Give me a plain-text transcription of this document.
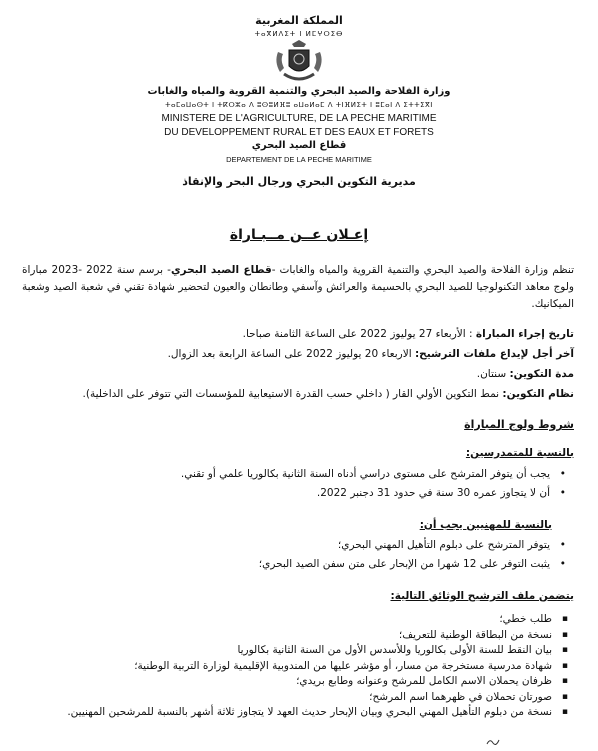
المملكة المغربية
ⵜⴰⴳⵍⴷⵉⵜ ⵏ ⵍⵎⵖⵔⵉⴱ
وزارة الفلاحة والصيد البحري والتنمية القروية والمياه والغابات
ⵜⴰⵎⴰⵡⴰⵙⵜ ⵏ ⵜⴽⵔⵣⴰ ⴷ ⵓⵙⵓⵍⴼⵓ ⴰⵡⴰⵍⴰⵎ ⴷ ⵜⵏⴼⵍⵉⵜ ⵏ ⵓⵎⴰⵏ ⴷ ⵉⵜⵜⵉⴳⵏ
MINISTERE DE L'AGRICULTURE, DE LA PECHE MARITIME
DU DEVELOPPEMENT RURAL ET DES EAUX ET FORETS
قطاع الصيد البحري
DEPARTEMENT DE LA PECHE MARITIME
مديرية التكوين البحري ورجال البحر والإنقاذ
إعـلان عــن مــبـاراة
تنظم وزارة الفلاحة والصيد البحري والتنمية القروية والمياه والغابات -قطاع الصيد البحري- برسم سنة 2022 -2023 مباراة ولوج معاهد التكنولوجيا للصيد البحري بالحسيمة والعرائش وآسفي وطانطان والعيون لتحضير شهادة تقني في شعبة الصيد وشعبة الميكانيك.
تاريخ إجراء المباراة : الأربعاء 27 يوليوز 2022 على الساعة الثامنة صباحا.
آخر أجل لإيداع ملفات الترشيح: الاربعاء 20 يوليوز 2022 على الساعة الرابعة بعد الزوال.
مدة التكوين: سنتان.
نظام التكوين: نمط التكوين الأولي القار ( داخلي حسب القدرة الاستيعابية للمؤسسات التي تتوفر على الداخلية).
شروط ولوج المباراة
بالنسبة للمتمدرسين:
• يجب أن يتوفر المترشح على مستوى دراسي أدناه السنة الثانية بكالوريا علمي أو تقني.
• أن لا يتجاوز عمره 30 سنة في حدود 31 دجنبر 2022.
بالنسبة للمهنيين يجب أن:
• يتوفر المترشح على دبلوم التأهيل المهني البحري؛
• يثبت التوفر على 12 شهرا من الإبحار على متن سفن الصيد البحري؛
يتضمن ملف الترشيح الوثائق التالية:
▪ طلب خطي؛
▪ نسخة من البطاقة الوطنية للتعريف؛
▪ بيان النقط للسنة الأولى بكالوريا وللأسدس الأول من السنة الثانية بكالوريا
▪ شهادة مدرسية مستخرجة من مسار، أو مؤشر عليها من المندوبية الإقليمية لوزارة التربية الوطنية؛
▪ ظرفان يحملان الاسم الكامل للمرشح وعنوانه وطابع بريدي؛
▪ صورتان تحملان في ظهرهما اسم المرشح؛
▪ نسخة من دبلوم التأهيل المهني البحري وبيان الإبحار حديث العهد لا يتجاوز ثلاثة أشهر بالنسبة للمرشحين المهنيين.
